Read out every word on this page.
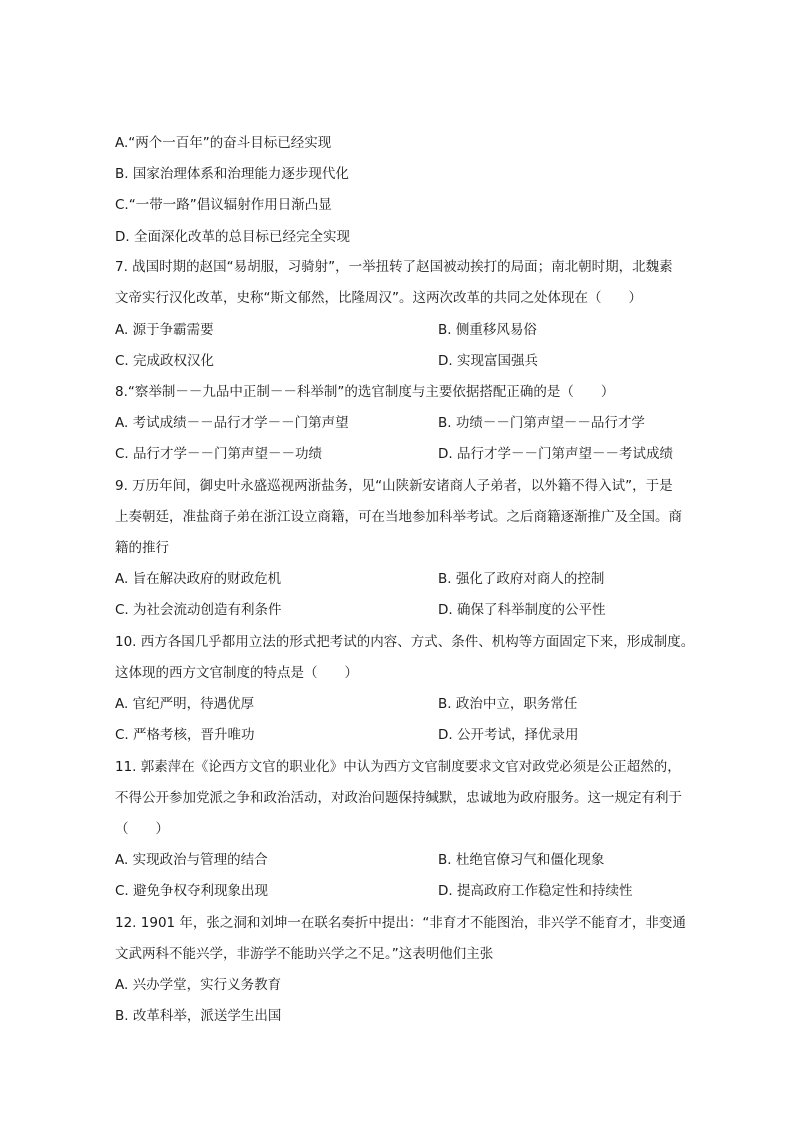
A.“两个一百年”的奋斗目标已经实现
B. 国家治理体系和治理能力逐步现代化
C.“一带一路”倡议辐射作用日渐凸显
D. 全面深化改革的总目标已经完全实现
7. 战国时期的赵国“易胡服，习骑射”，一举扭转了赵国被动挨打的局面；南北朝时期，北魏素
文帝实行汉化改革，史称“斯文郁然，比隆周汉”。这两次改革的共同之处体现在（　　）
A. 源于争霸需要	B. 侧重移风易俗
C. 完成政权汉化	D. 实现富国强兵
8.“察举制－－九品中正制－－科举制”的选官制度与主要依据搭配正确的是（　　）
A. 考试成绩－－品行才学－－门第声望	B. 功绩－－门第声望－－品行才学
C. 品行才学－－门第声望－－功绩	D. 品行才学－－门第声望－－考试成绩
9. 万历年间，御史叶永盛巡视两浙盐务，见“山陕新安诸商人子弟者，以外籍不得入试”，于是
上奏朝廷，准盐商子弟在浙江设立商籍，可在当地参加科举考试。之后商籍逐渐推广及全国。商
籍的推行
A. 旨在解决政府的财政危机	B. 强化了政府对商人的控制
C. 为社会流动创造有利条件	D. 确保了科举制度的公平性
10. 西方各国几乎都用立法的形式把考试的内容、方式、条件、机构等方面固定下来，形成制度。
这体现的西方文官制度的特点是（　　）
A. 官纪严明，待遇优厚	B. 政治中立，职务常任
C. 严格考核，晋升唯功	D. 公开考试，择优录用
11. 郭素萍在《论西方文官的职业化》中认为西方文官制度要求文官对政党必须是公正超然的，
不得公开参加党派之争和政治活动，对政治问题保持缄默，忠诚地为政府服务。这一规定有利于
（　　）
A. 实现政治与管理的结合	B. 杜绝官僚习气和僵化现象
C. 避免争权夺利现象出现	D. 提高政府工作稳定性和持续性
12. 1901 年，张之洞和刘坤一在联名奏折中提出：“非育才不能图治，非兴学不能育才，非变通
文武两科不能兴学，非游学不能助兴学之不足。”这表明他们主张
A. 兴办学堂，实行义务教育
B. 改革科举，派送学生出国
